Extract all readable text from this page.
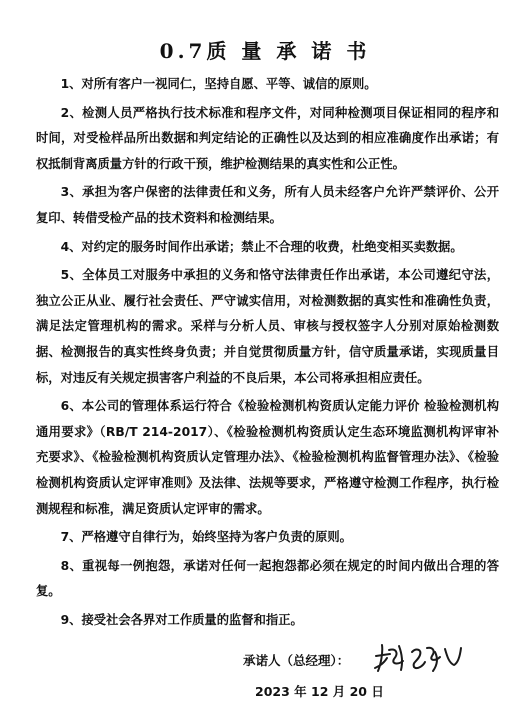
0.7质 量 承 诺 书

1、对所有客户一视同仁，坚持自愿、平等、诚信的原则。

2、检测人员严格执行技术标准和程序文件，对同种检测项目保证相同的程序和时间，对受检样品所出数据和判定结论的正确性以及达到的相应准确度作出承诺；有权抵制背离质量方针的行政干预，维护检测结果的真实性和公正性。

3、承担为客户保密的法律责任和义务，所有人员未经客户允许严禁评价、公开复印、转借受检产品的技术资料和检测结果。

4、对约定的服务时间作出承诺；禁止不合理的收费，杜绝变相买卖数据。

5、全体员工对服务中承担的义务和恪守法律责任作出承诺，本公司遵纪守法，独立公正从业、履行社会责任、严守诚实信用，对检测数据的真实性和准确性负责，满足法定管理机构的需求。采样与分析人员、审核与授权签字人分别对原始检测数据、检测报告的真实性终身负责；并自觉贯彻质量方针，信守质量承诺，实现质量目标，对违反有关规定损害客户利益的不良后果，本公司将承担相应责任。

6、本公司的管理体系运行符合《检验检测机构资质认定能力评价 检验检测机构通用要求》（RB/T 214-2017）、《检验检测机构资质认定生态环境监测机构评审补充要求》、《检验检测机构资质认定管理办法》、《检验检测机构监督管理办法》、《检验检测机构资质认定评审准则》及法律、法规等要求，严格遵守检测工作程序，执行检测规程和标准，满足资质认定评审的需求。

7、严格遵守自律行为，始终坚持为客户负责的原则。

8、重视每一例抱怨，承诺对任何一起抱怨都必须在规定的时间内做出合理的答复。

9、接受社会各界对工作质量的监督和指正。

承诺人（总经理）：
2023 年 12 月 20 日
